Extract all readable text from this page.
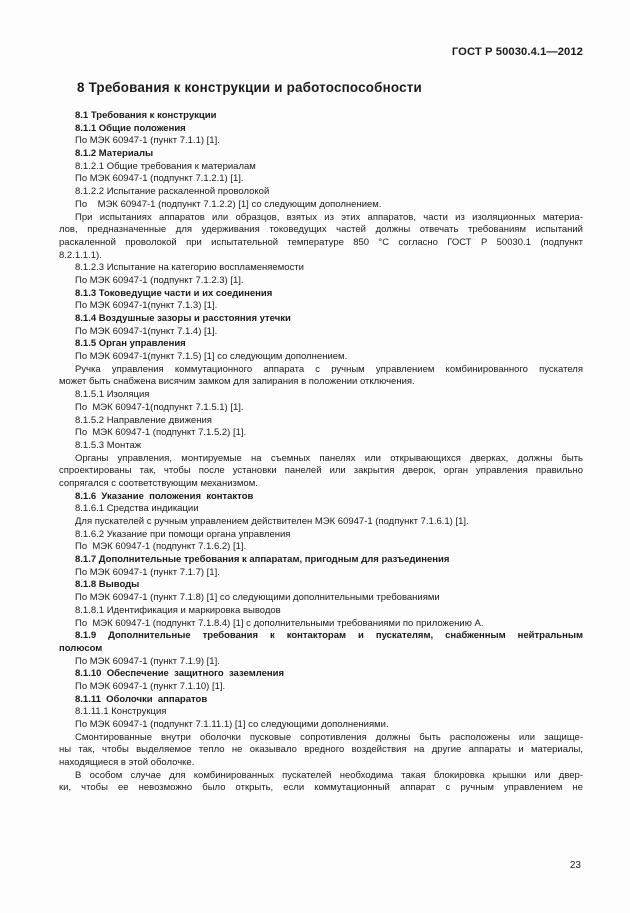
ГОСТ Р 50030.4.1—2012
8 Требования к конструкции и работоспособности
8.1 Требования к конструкции
8.1.1 Общие положения
По МЭК 60947-1 (пункт 7.1.1) [1].
8.1.2 Материалы
8.1.2.1 Общие требования к материалам
По МЭК 60947-1 (подпункт 7.1.2.1) [1].
8.1.2.2 Испытание раскаленной проволокой
По    МЭК 60947-1 (подпункт 7.1.2.2) [1] со следующим дополнением.
При испытаниях аппаратов или образцов, взятых из этих аппаратов, части из изоляционных материа-
лов, предназначенные для удерживания токоведущих частей должны отвечать требованиям испытаний
раскаленной проволокой при испытательной температуре 850 °С согласно ГОСТ Р 50030.1 (подпункт
8.2.1.1.1).
8.1.2.3 Испытание на категорию воспламеняемости
По МЭК 60947-1 (подпункт 7.1.2.3) [1].
8.1.3 Токоведущие части и их соединения
По МЭК 60947-1(пункт 7.1.3) [1].
8.1.4 Воздушные зазоры и расстояния утечки
По МЭК 60947-1(пункт 7.1.4) [1].
8.1.5 Орган управления
По МЭК 60947-1(пункт 7.1.5) [1] со следующим дополнением.
Ручка управления коммутационного аппарата с ручным управлением комбинированного пускателя
может быть снабжена висячим замком для запирания в положении отключения.
8.1.5.1 Изоляция
По  МЭК 60947-1(подпункт 7.1.5.1) [1].
8.1.5.2 Направление движения
По  МЭК 60947-1 (подпункт 7.1.5.2) [1].
8.1.5.3 Монтаж
Органы управления, монтируемые на съемных панелях или открывающихся дверках, должны быть
спроектированы так, чтобы после установки панелей или закрытия дверок, орган управления правильно
сопрягался с соответствующим механизмом.
8.1.6  Указание  положения  контактов
8.1.6.1 Средства индикации
Для пускателей с ручным управлением действителен МЭК 60947-1 (подпункт 7.1.6.1) [1].
8.1.6.2 Указание при помощи органа управления
По  МЭК 60947-1 (подпункт 7.1.6.2) [1].
8.1.7 Дополнительные требования к аппаратам, пригодным для разъединения
По МЭК 60947-1 (пункт 7.1.7) [1].
8.1.8 Выводы
По МЭК 60947-1 (пункт 7.1.8) [1] со следующими дополнительными требованиями
8.1.8.1 Идентификация и маркировка выводов
По  МЭК 60947-1 (подпункт 7.1.8.4) [1] с дополнительными требованиями по приложению А.
8.1.9 Дополнительные требования к контакторам и пускателям, снабженным нейтральным
полюсом
По МЭК 60947-1 (пункт 7.1.9) [1].
8.1.10  Обеспечение  защитного  заземления
По МЭК 60947-1 (пункт 7.1.10) [1].
8.1.11  Оболочки  аппаратов
8.1.11.1 Конструкция
По МЭК 60947-1 (подпункт 7.1.11.1) [1] со следующими дополнениями.
Смонтированные внутри оболочки пусковые сопротивления должны быть расположены или защище-
ны так, чтобы выделяемое тепло не оказывало вредного воздействия на другие аппараты и материалы,
находящиеся в этой оболочке.
В особом случае для комбинированных пускателей необходима такая блокировка крышки или двер-
ки, чтобы ее невозможно было открыть, если коммутационный аппарат с ручным управлением не
23
